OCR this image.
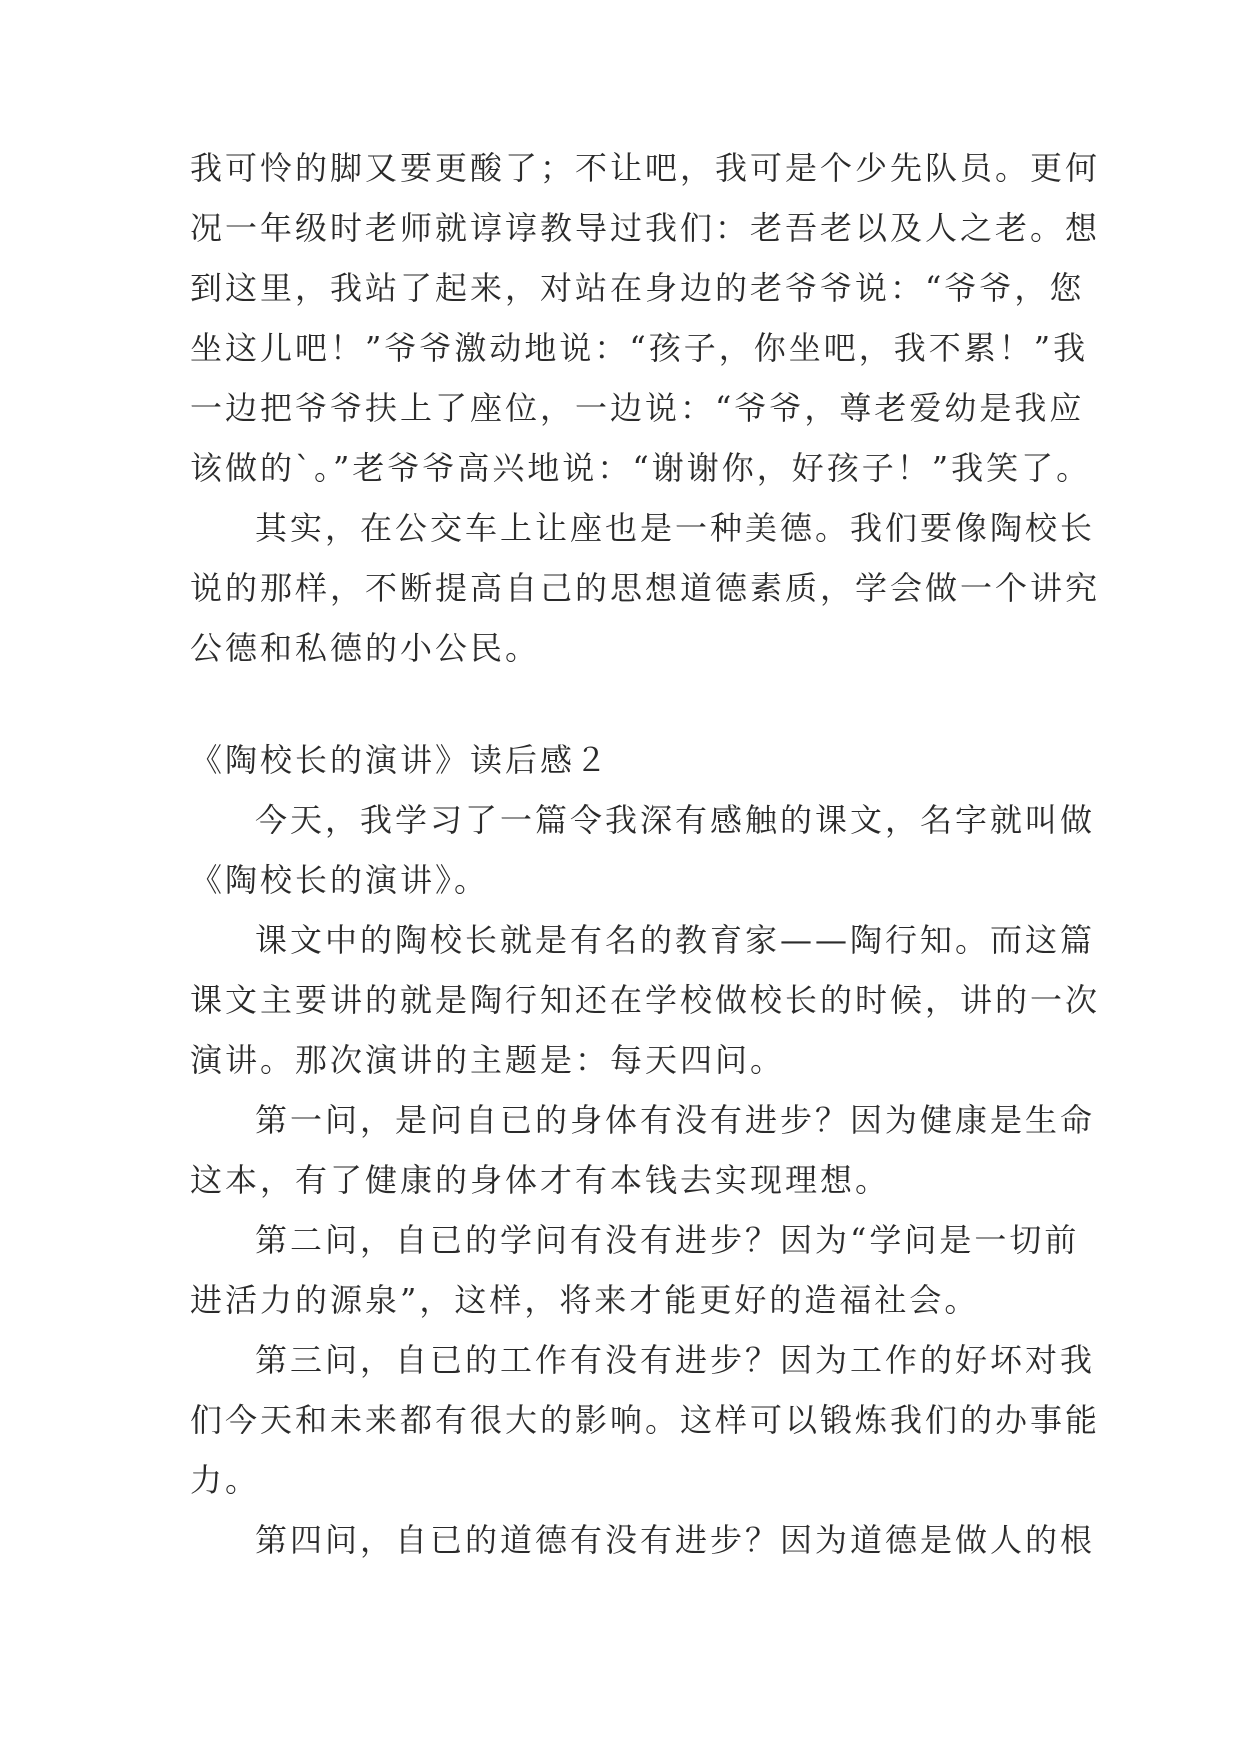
我可怜的脚又要更酸了；不让吧，我可是个少先队员。更何
况一年级时老师就谆谆教导过我们：老吾老以及人之老。想
到这里，我站了起来，对站在身边的老爷爷说：“爷爷，您
坐这儿吧！”爷爷激动地说：“孩子，你坐吧，我不累！”我
一边把爷爷扶上了座位，一边说：“爷爷，尊老爱幼是我应
该做的`。”老爷爷高兴地说：“谢谢你，好孩子！”我笑了。
其实，在公交车上让座也是一种美德。我们要像陶校长
说的那样，不断提高自己的思想道德素质，学会做一个讲究
公德和私德的小公民。
《陶校长的演讲》读后感２
今天，我学习了一篇令我深有感触的课文，名字就叫做
《陶校长的演讲》。
课文中的陶校长就是有名的教育家——陶行知。而这篇
课文主要讲的就是陶行知还在学校做校长的时候，讲的一次
演讲。那次演讲的主题是：每天四问。
第一问，是问自已的身体有没有进步？因为健康是生命
这本，有了健康的身体才有本钱去实现理想。
第二问，自已的学问有没有进步？因为“学问是一切前
进活力的源泉”，这样，将来才能更好的造福社会。
第三问，自已的工作有没有进步？因为工作的好坏对我
们今天和未来都有很大的影响。这样可以锻炼我们的办事能
力。
第四问，自已的道德有没有进步？因为道德是做人的根
